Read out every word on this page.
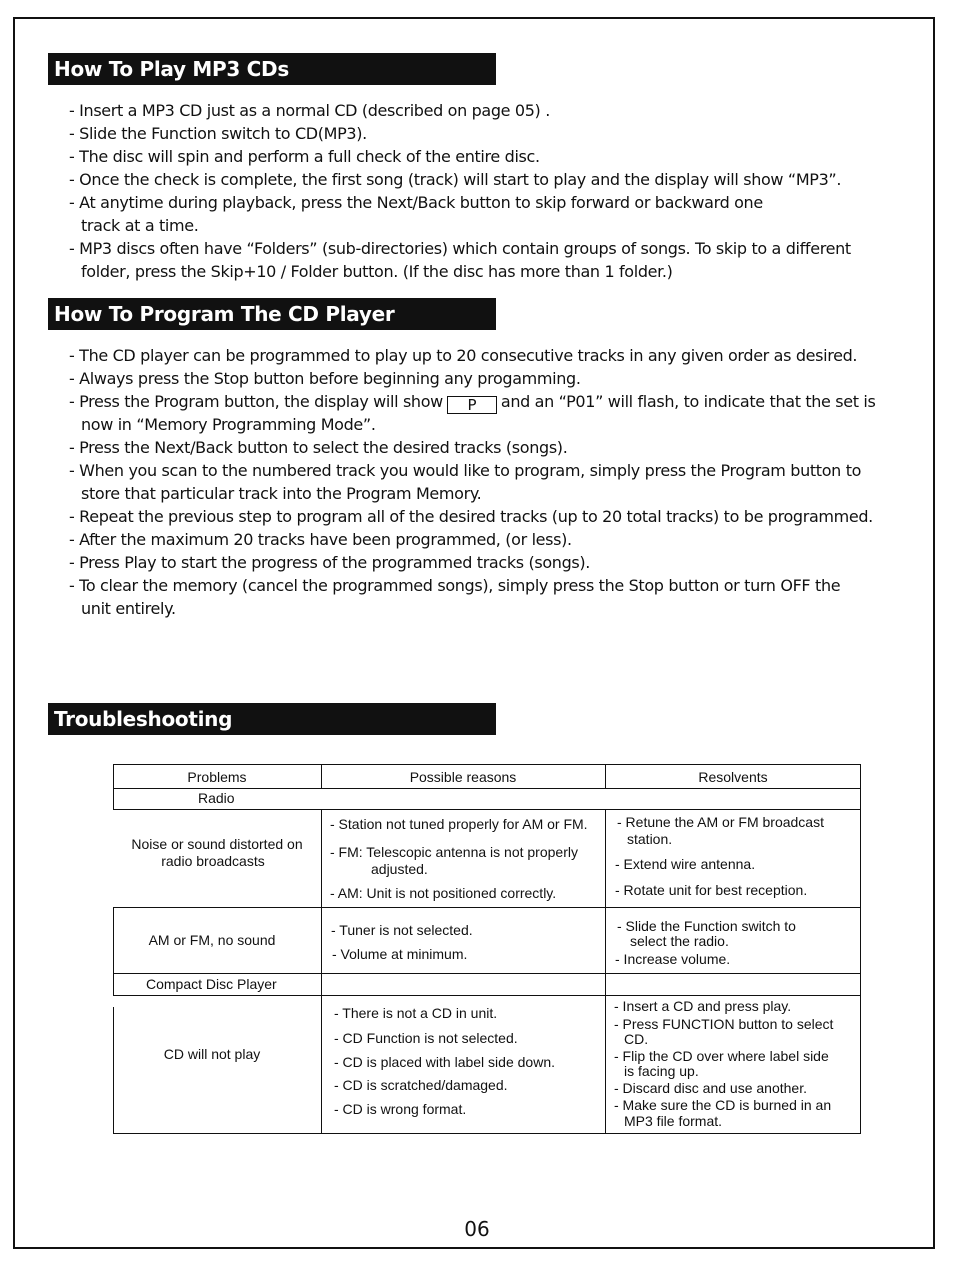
How To Play MP3 CDs
- Insert a MP3 CD just as a normal CD (described on page 05) .
- Slide the Function switch to CD(MP3).
- The disc will spin and perform a full check of the entire disc.
- Once the check is complete, the first song (track) will start to play and the display will show “MP3”.
- At anytime during playback, press the Next/Back button to skip forward or backward one
track at a time.
- MP3 discs often have “Folders” (sub-directories) which contain groups of songs. To skip to a different
folder, press the Skip+10 / Folder button. (If the disc has more than 1 folder.)
How To Program The CD Player
- The CD player can be programmed to play up to 20 consecutive tracks in any given order as desired.
- Always press the Stop button before beginning any progamming.
- Press the Program button, the display will show P and an “P01” will flash, to indicate that the set is
now in “Memory Programming Mode”.
- Press the Next/Back button to select the desired tracks (songs).
- When you scan to the numbered track you would like to program, simply press the Program button to
store that particular track into the Program Memory.
- Repeat the previous step to program all of the desired tracks (up to 20 total tracks) to be programmed.
- After the maximum 20 tracks have been programmed, (or less).
- Press Play to start the progress of the programmed tracks (songs).
- To clear the memory (cancel the programmed songs), simply press the Stop button or turn OFF the
unit entirely.
Troubleshooting
Problems	Possible reasons	Resolvents
Radio
Noise or sound distorted on
radio broadcasts
- Station not tuned properly for AM or FM.
- FM: Telescopic antenna is not properly
adjusted.
- AM: Unit is not positioned correctly.
- Retune the AM or FM broadcast
station.
- Extend wire antenna.
- Rotate unit for best reception.
AM or FM, no sound
- Tuner is not selected.
- Volume at minimum.
- Slide the Function switch to
select the radio.
- Increase volume.
Compact Disc Player
CD will not play
- There is not a CD in unit.
- CD Function is not selected.
- CD is placed with label side down.
- CD is scratched/damaged.
- CD is wrong format.
- Insert a CD and press play.
- Press FUNCTION button to select
CD.
- Flip the CD over where label side
is facing up.
- Discard disc and use another.
- Make sure the CD is burned in an
MP3 file format.
06
